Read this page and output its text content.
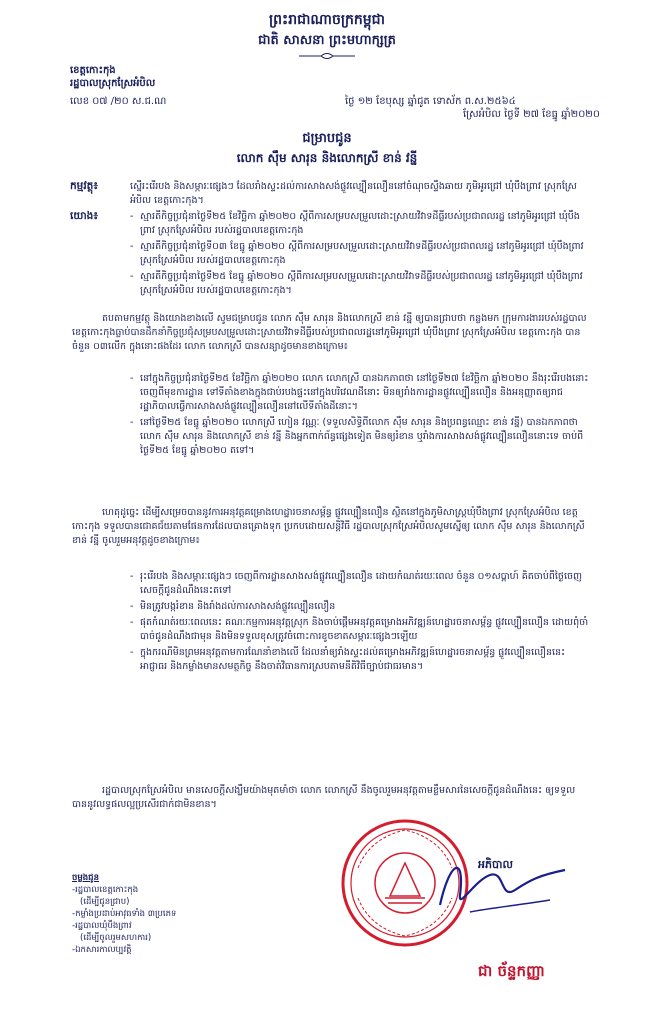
ព្រះរាជាណាចក្រកម្ពុជា
ជាតិ សាសនា ព្រះមហាក្សត្រ
ខេត្តកោះកុង
រដ្ឋបាលស្រុកស្រែអំបិល
លេខ ០៧ /២០ ស.ជ.ណ	ថ្ងៃ ១២ ខែបុស្ស ឆ្នាំជូត ទោស័ក ព.ស.២៥៦៤
ស្រែអំបិល ថ្ងៃទី ២៧ ខែធ្នូ ឆ្នាំ២០២០
ជម្រាបជូន
លោក ស៊ឹម សារុន និងលោកស្រី ខាន់ វន្នី
កម្មវត្ថុ៖	ស្នើរះរើរបង និងសម្ភារៈផ្សេងៗ ដែលរាំងស្ទះដល់ការសាងសង់ផ្លូវល្បឿនលឿននៅចំណុចស្ទឹងឆាយ ភូមិអូរជ្រៅ ឃុំបឹងព្រាវ ស្រុកស្រែអំបិល ខេត្តកោះកុង។
យោង៖
-	ស្មារតីកិច្ចប្រជុំនាថ្ងៃទី២៥ ខែវិច្ឆិកា ឆ្នាំ២០២០ ស្ដីពីការសម្របសម្រួលដោះស្រាយវិវាទដីធ្លីរបស់ប្រជាពលរដ្ឋ នៅភូមិអូរជ្រៅ ឃុំបឹងព្រាវ ស្រុកស្រែអំបិល របស់រដ្ឋបាលខេត្តកោះកុង
- ស្មារតីកិច្ចប្រជុំនាថ្ងៃទី០៣ ខែធ្នូ ឆ្នាំ២០២០ ស្ដីពីការសម្របសម្រួលដោះស្រាយវិវាទដីធ្លីរបស់ប្រជាពលរដ្ឋ នៅភូមិអូរជ្រៅ ឃុំបឹងព្រាវ ស្រុកស្រែអំបិល របស់រដ្ឋបាលខេត្តកោះកុង
- ស្មារតីកិច្ចប្រជុំនាថ្ងៃទី២៥ ខែធ្នូ ឆ្នាំ២០២០ ស្ដីពីការសម្របសម្រួលដោះស្រាយវិវាទដីធ្លីរបស់ប្រជាពលរដ្ឋ នៅភូមិអូរជ្រៅ ឃុំបឹងព្រាវ ស្រុកស្រែអំបិល របស់រដ្ឋបាលខេត្តកោះកុង។
តបតាមកម្មវត្ថុ និងយោងខាងលើ សូមជម្រាបជូន លោក ស៊ឹម សារុន និងលោកស្រី ខាន់ វន្នី ឲ្យបានជ្រាបថា កន្លងមក ក្រុមការងាររបស់រដ្ឋបាលខេត្តកោះកុងធ្លាប់បានដឹកនាំកិច្ចប្រជុំសម្របសម្រួលដោះស្រាយវិវាទដីធ្លីរបស់ប្រជាពលរដ្ឋនៅភូមិអូរជ្រៅ ឃុំបឹងព្រាវ ស្រុកស្រែអំបិល ខេត្តកោះកុង បានចំនួន ០៣លើក ក្នុងនោះផងដែរ លោក លោកស្រី បានសន្យាដូចមានខាងក្រោម៖
- នៅក្នុងកិច្ចប្រជុំនាថ្ងៃទី២៥ ខែវិច្ឆិកា ឆ្នាំ២០២០ លោក លោកស្រី បានឯកភាពថា នៅថ្ងៃទី២៧ ខែវិច្ឆិកា ឆ្នាំ២០២០ នឹងរុះរើរបងនោះចេញពីមុខការដ្ឋាន ទៅទីតាំងខាងក្នុងជាប់របងផ្ទះនៅក្នុងបរិវេណដីនោះ មិនឲ្យរាំងការដ្ឋានផ្លូវល្បឿនលឿន និងអនុញ្ញាតឲ្យរាជរដ្ឋាភិបាលធ្វើការសាងសង់ផ្លូវល្បឿនលឿននៅលើទីតាំងដីនោះ។
- នៅថ្ងៃទី២៥ ខែធ្នូ ឆ្នាំ២០២០ លោកស្រី ហៀន វណ្ណៈ (ទទួលសិទ្ធិពីលោក ស៊ឹម សារុន និងប្រពន្ធឈ្មោះ ខាន់ វន្នី) បានឯកភាពថា លោក ស៊ឹម សារុន និងលោកស្រី ខាន់ វន្នី និងអ្នកពាក់ព័ន្ធផ្សេងទៀត មិនឲ្យរំខាន ឬរាំងការសាងសង់ផ្លូវល្បឿនលឿននោះទេ ចាប់ពីថ្ងៃទី២៥ ខែធ្នូ ឆ្នាំ២០២០ តទៅ។
ហេតុដូច្នេះ ដើម្បីសម្រេចបាននូវការអនុវត្តគម្រោងហេដ្ឋារចនាសម្ព័ន្ធ ផ្លូវល្បឿនលឿន ស្ថិតនៅក្នុងភូមិសាស្ត្រឃុំបឹងព្រាវ ស្រុកស្រែអំបិល ខេត្តកោះកុង ទទួលបានជោគជ័យតាមផែនការដែលបានគ្រោងទុក ប្រកបដោយសន្តិវិធី រដ្ឋបាលស្រុកស្រែអំបិលសូមស្នើឲ្យ លោក ស៊ឹម សារុន និងលោកស្រី ខាន់ វន្នី ចូលរួមអនុវត្តដូចខាងក្រោម៖
- រុះរើរបង និងសម្ភារៈផ្សេងៗ ចេញពីការដ្ឋានសាងសង់ផ្លូវល្បឿនលឿន ដោយកំណត់រយៈពេល ចំនួន ០១សប្តាហ៍ គិតចាប់ពីថ្ងៃចេញសេចក្តីជូនដំណឹងនេះតទៅ
- មិនត្រូវបង្ករំខាន និងរាំងដល់ការសាងសង់ផ្លូវល្បឿនលឿន
- ផុតកំណត់រយៈពេលនេះ គណៈកម្មការអនុវត្តស្រុក និងចាប់ផ្តើមអនុវត្តគម្រោងអភិវឌ្ឍន៍ហេដ្ឋារចនាសម្ព័ន្ធ ផ្លូវល្បឿនលឿន ដោយពុំចាំបាច់ជូនដំណឹងជាមុន និងមិនទទួលខុសត្រូវចំពោះការខូចខាតសម្ភារៈផ្សេងៗឡើយ
- ក្នុងករណីមិនព្រមអនុវត្តតាមការណែនាំខាងលើ ដែលនាំឲ្យរាំងស្ទះដល់គម្រោងអភិវឌ្ឍន៍ហេដ្ឋារចនាសម្ព័ន្ធ ផ្លូវល្បឿនលឿននេះ អាជ្ញាធរ និងកម្លាំងមានសមត្ថកិច្ច នឹងចាត់វិធានការស្របតាមនីតិវិធីច្បាប់ជាធរមាន។
រដ្ឋបាលស្រុកស្រែអំបិល មានសេចក្តីសង្ឃឹមយ៉ាងមុតមាំថា លោក លោកស្រី នឹងចូលរួមអនុវត្តតាមខ្លឹមសារនៃសេចក្តីជូនដំណឹងនេះ ឲ្យទទួលបាននូវលទ្ធផលល្អប្រសើរជាក់ជាមិនខាន។
ចម្លងជូន
-រដ្ឋបាលខេត្តកោះកុង
(ដើម្បីជូនជ្រាប)
-កម្លាំងប្រដាប់អាវុធទាំង ៣ប្រភេទ
-រដ្ឋបាលឃុំបឹងព្រាវ
(ដើម្បីចូលរួមសហការ)
-ឯកសារកាលប្បវត្តិ
អភិបាល
ជា ច័ន្ទកញ្ញា
